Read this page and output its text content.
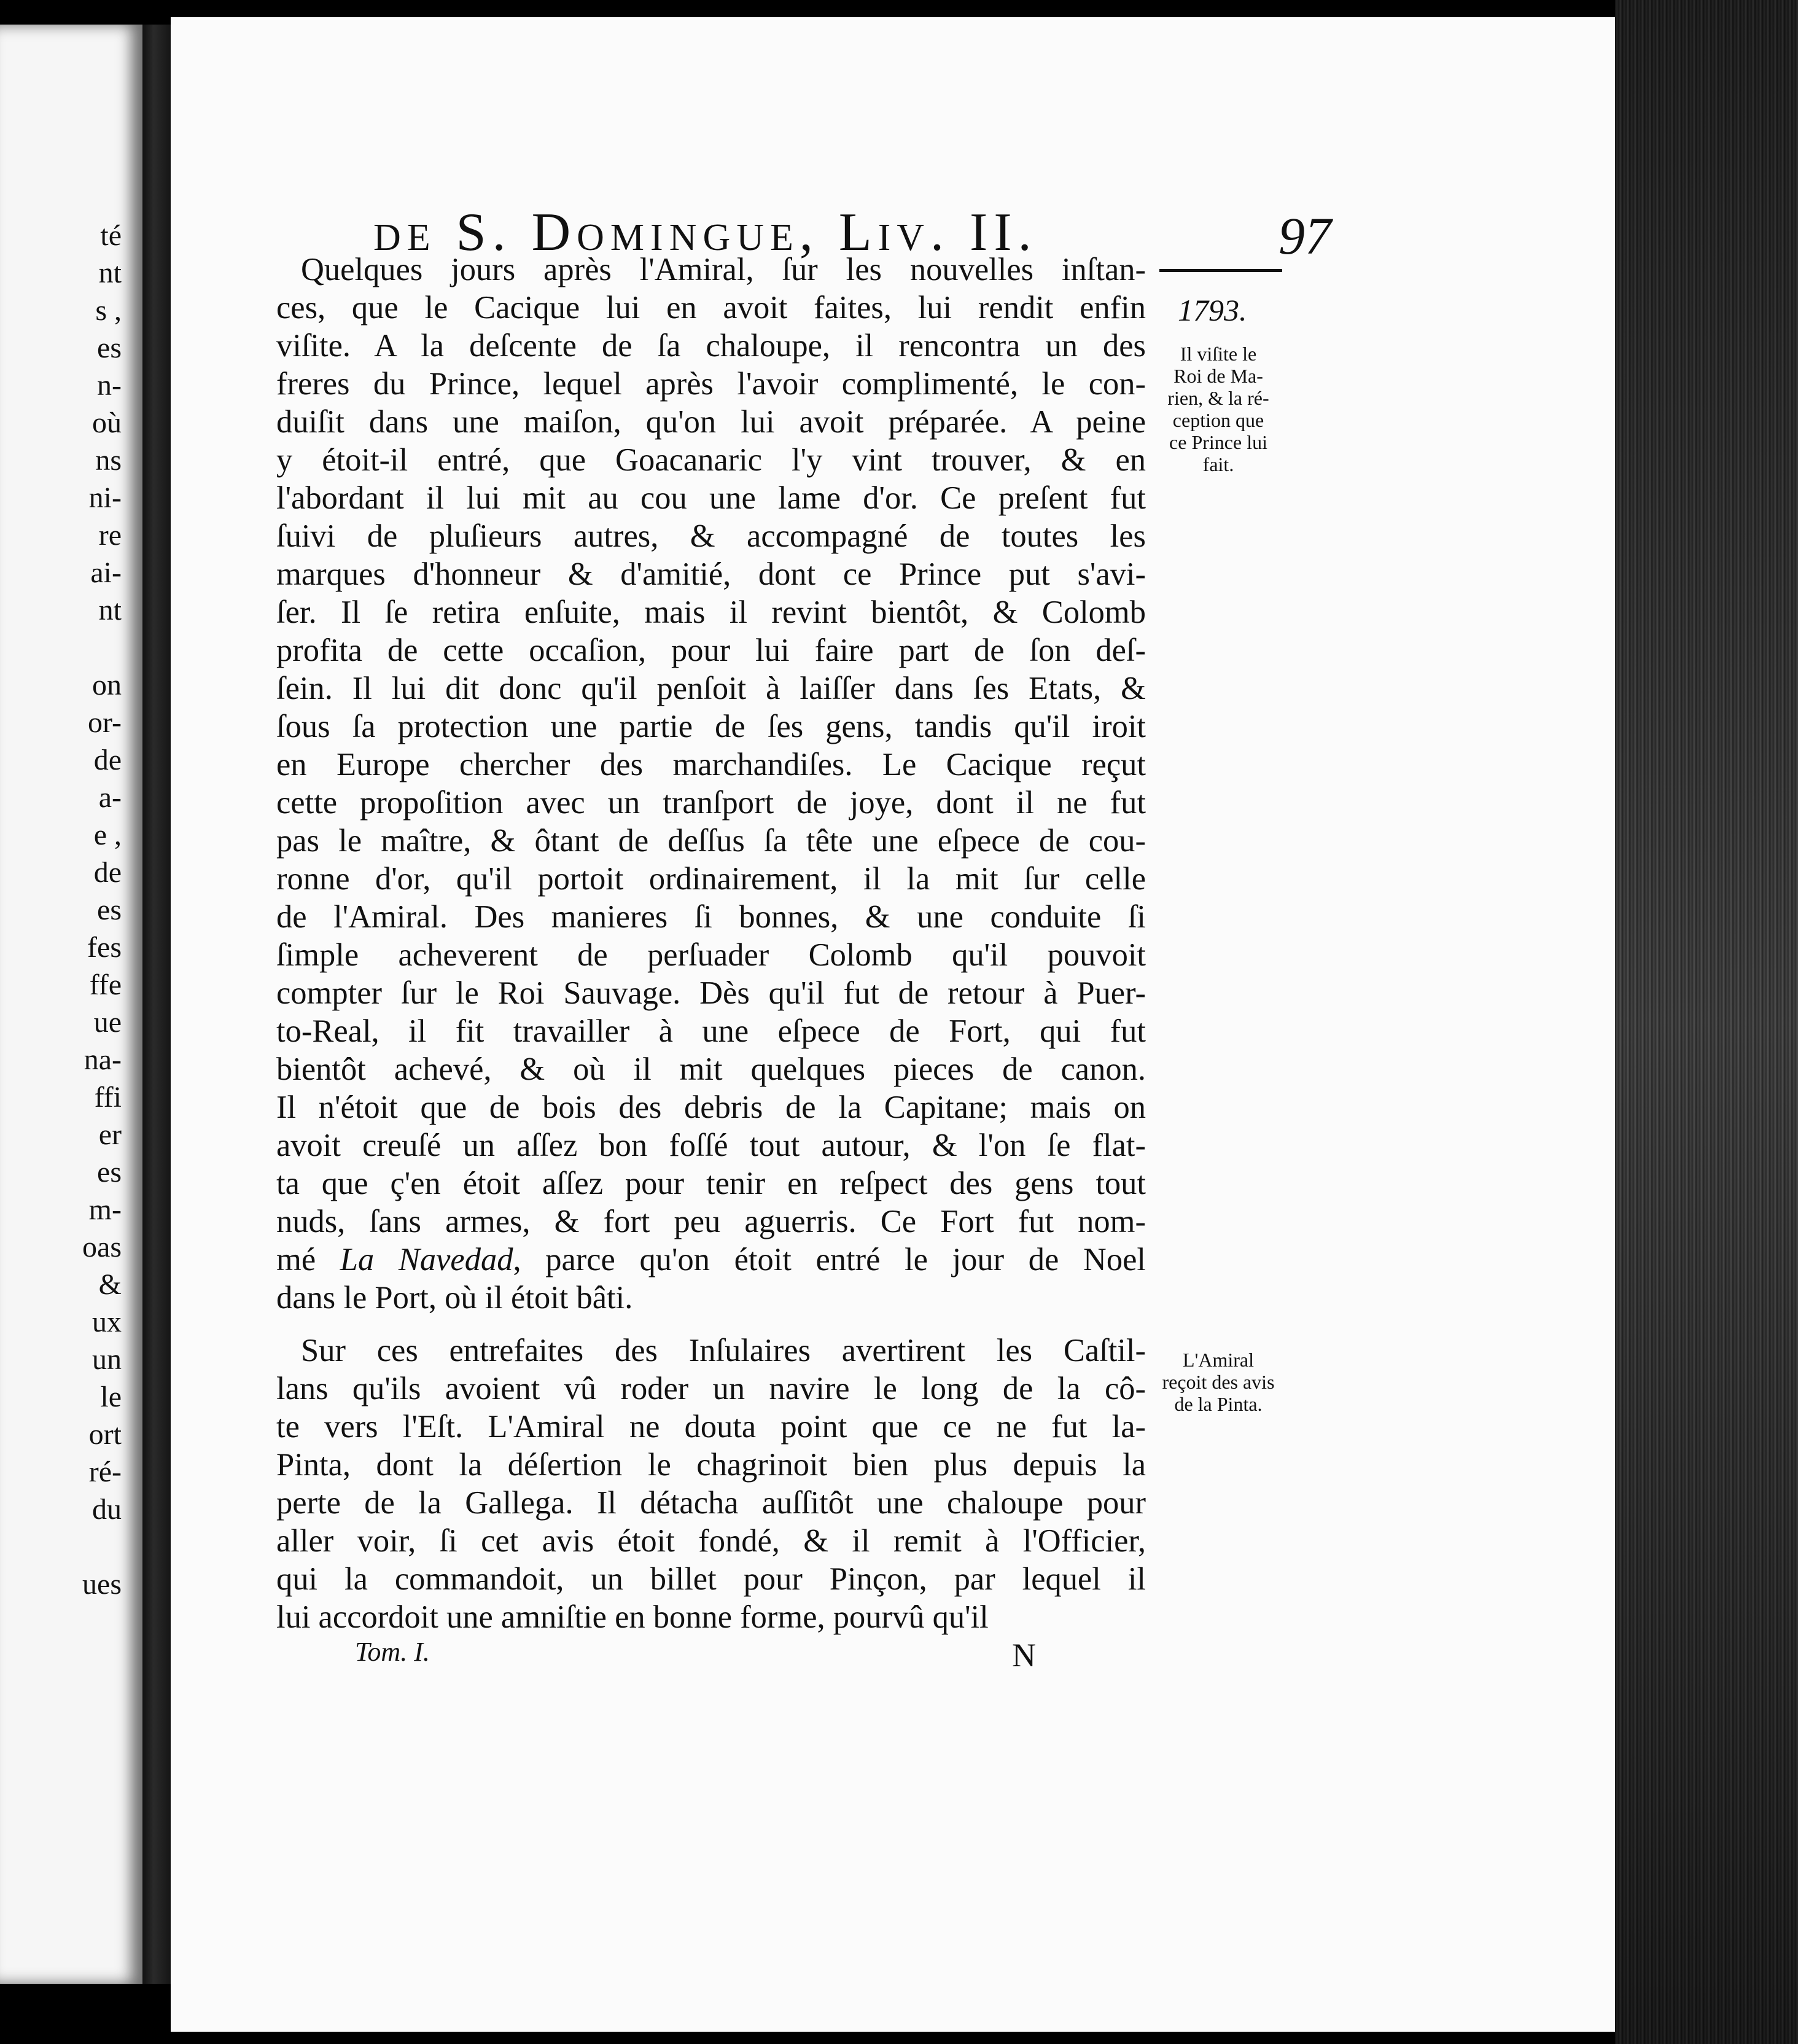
té
nt
s ,
es
n-
où
ns
ni-
re
ai-
nt
on
or-
de
a-
e ,
de
es
fes
ffe
ue
na-
ffi
er
es
m-
oas
&
ux
un
le
ort
ré-
du
ues
de S. Domingue, Liv. II.	97
1793.
Quelques jours après l'Amiral, ſur les nouvelles inſtan-
ces, que le Cacique lui en avoit faites, lui rendit enfin
viſite. A la deſcente de ſa chaloupe, il rencontra un des
freres du Prince, lequel après l'avoir complimenté, le con-
duiſit dans une maiſon, qu'on lui avoit préparée. A peine
y étoit-il entré, que Goacanaric l'y vint trouver, & en
l'abordant il lui mit au cou une lame d'or. Ce preſent fut
ſuivi de pluſieurs autres, & accompagné de toutes les
marques d'honneur & d'amitié, dont ce Prince put s'avi-
ſer. Il ſe retira enſuite, mais il revint bientôt, & Colomb
profita de cette occaſion, pour lui faire part de ſon deſ-
ſein. Il lui dit donc qu'il penſoit à laiſſer dans ſes Etats, &
ſous ſa protection une partie de ſes gens, tandis qu'il iroit
en Europe chercher des marchandiſes. Le Cacique reçut
cette propoſition avec un tranſport de joye, dont il ne fut
pas le maître, & ôtant de deſſus ſa tête une eſpece de cou-
ronne d'or, qu'il portoit ordinairement, il la mit ſur celle
de l'Amiral. Des manieres ſi bonnes, & une conduite ſi
ſimple acheverent de perſuader Colomb qu'il pouvoit
compter ſur le Roi Sauvage. Dès qu'il fut de retour à Puer-
to-Real, il fit travailler à une eſpece de Fort, qui fut
bientôt achevé, & où il mit quelques pieces de canon.
Il n'étoit que de bois des debris de la Capitane; mais on
avoit creuſé un aſſez bon foſſé tout autour, & l'on ſe flat-
ta que ç'en étoit aſſez pour tenir en reſpect des gens tout
nuds, ſans armes, & fort peu aguerris. Ce Fort fut nom-
mé La Navedad, parce qu'on étoit entré le jour de Noel
dans le Port, où il étoit bâti.
Sur ces entrefaites des Inſulaires avertirent les Caſtil-
lans qu'ils avoient vû roder un navire le long de la cô-
te vers l'Eſt. L'Amiral ne douta point que ce ne fut la-
Pinta, dont la déſertion le chagrinoit bien plus depuis la
perte de la Gallega. Il détacha auſſitôt une chaloupe pour
aller voir, ſi cet avis étoit fondé, & il remit à l'Officier,
qui la commandoit, un billet pour Pinçon, par lequel il
lui accordoit une amniſtie en bonne forme, pourvû qu'il
Il viſite le
Roi de Ma-
rien, & la ré-
ception que
ce Prince lui
fait.
L'Amiral
reçoit des avis
de la Pinta.
Tom. I.	N
